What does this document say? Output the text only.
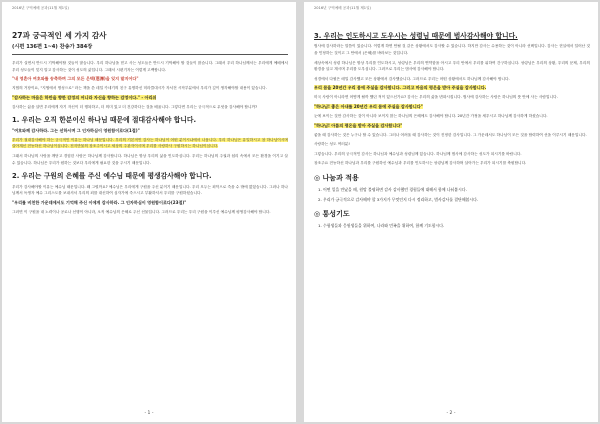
2016년 구역예배 공과(11월 제1일)
27과 궁극적인 세 가지 감사
(시편 136편 1~4) 찬송가 384장

우리가 살면서 반드시 기억해야할 것들이 많습니다. 우리 하나님을 믿고 사는 성도들은 반드시 기억해야 할 것들이 많습니다. 그래서 우리 하나님께서는 우리에게 예배에서 우리 성도들이 잊지 말고 감사하는 것이 성도의 삶입니다. 그래서 시편기자는 이렇게 고백합니다.

"내 영혼아 여호와를 송축하며 그의 모든 은택(恩澤)을 잊지 말지어다"

지엽의 거장이요, "지엽에서 명성으로" 라는 책을 쓴 데일 카네기의 친구 유명하신 미라클대시가 자서전 시작부분에서 우리가 깊이 생각해야할 내용이 있습니다.

"감사하는 마음은 하만을 향한 감정의 어니라 자신을 향하는 감정이다." - 아리쉬

감사하는 삶을 살면 우리에게 자기 자신이 더 행복하고, 더 의미 있고 더 건강하다는 것을 배웁니다. 그렇다면 우리는 궁극적으로 무엇을 감사해야 합니까?

1. 우리는 오직 한분이신 하나님 때문에 절대감사해야 합니다.

"여호와께 감사하라. 그는 선하시며 그 인자하심이 영원함이로다(1절)"

우리가 절대감사해야 하는 궁극적인 이유는 하나님 때문입니다. 우리의 기본적인 감사는 하나님이 어떤 분이시냐에서 나옵니다. 우리 하나님은 유일하시고 참 하나님이시며 살아계신 전능하신 하나님이십니다. 천지만물의 창조주이시고 세상의 주관자이시며 우리를 사랑하사 구원하시는 하나님이십니다.

그래서 하나님의 사랑을 깨닫고 경험한 사람은 하나님께 감사합니다. 하나님은 항상 우리의 삶을 인도하십니다. 우리는 하나님의 주권과 섭리 속에서 모든 환경을 이기고 살 수 있습니다. 하나님은 우리가 원하는 것보다 우리에게 필요한 것을 주시기 때문입니다.

2. 우리는 구원의 은혜를 주신 예수님 때문에 평생감사해야 합니다.

우리가 감사해야할 이유는 예수님 때문입니다. 왜 그럴까요? 예수님은 우리에게 구원을 주신 분이기 때문입니다. 우리 모두는 죄악으로 죽을 수 밖에 없었습니다. 그러나 하나님께서 독생자 예수 그리스도를 보내셔서 우리의 죄를 대신하여 십자가에 죽으시고 부활하셔서 우리를 구원하셨습니다.

"우리를 비천한 가운데에서도 기억해 주신 이에게 감사하라. 그 인자하심이 영원함이로다(23절)"

그러면 이 구원을 내 노력이나 공로나 선행이 아니라, 오직 예수님의 은혜로 주신 선물입니다. 그러므로 우리는 우리 구원을 이루신 예수님께 평생감사해야 합니다.

- 1 -
2016년 구역예배 공과(11월 제1일)
3. 우리는 인도하시고 도우시는 성령님 때문에 범사감사해야 합니다.

범사에 감사하라는 말씀이 있습니다. 이렇게 하면 안될 것 같은 상황에서도 감사할 수 있습니다. 하지만 감사는 수용하는 것이 아니라 선택입니다. 감사는 현실에서 일어난 것을 인정하는 것이고 그 안에서 (은혜)를 바라보는 것입니다.

세상속에서 성령 하나님은 항상 우리를 인도하시고, 성령님은 우리의 연약함을 아시고 우리 안에서 우리를 위하여 간구하십니다. 성령님은 우리의 상황, 우리의 문제, 우리의 환경을 알고 계시며 우리를 도우십니다. 그러므로 우리는 범사에 감사해야 합니다.

성경에서 다윗은 매일 감사했고 모든 상황에서 감사했습니다. 그러므로 우리는 어떤 상황에서도 하나님께 감사해야 합니다.

우리 몸을 20년간 우리 몸에 주실을 감사합니다. 그러고 마음의 평온을 받아 주실을 감사합니다.

미국 사람이 아니라면 어떻게 될까 했던 적이 있으신가요? 감사는 우리의 삶을 변화시킵니다. 범사에 감사하는 사람은 하나님의 뜻 안에 사는 사람입니다.

"하나님! 좋은 아내를 20년간 우리 몸에 주실을 감사합니다"

눈에 보이는 것만 감사하는 것이 아니라 보이지 않는 하나님의 은혜에도 감사해야 합니다. 20년간 가정을 세우시고 하나님께 감사하게 하셨습니다.

"하나님! 아름의 평온을 받아 주실을 감사합니다"

좋을 때 감사하는 것은 누구나 할 수 있습니다. 그러나 어려울 때 감사하는 것이 진정한 감사입니다. 그 가운데서도 하나님이 모든 것을 합력하여 선을 이루시기 때문입니다.

사랑하는 성도 여러분!

그렇습니다. 우리의 궁극적인 감사는 하나님과 예수님과 성령님께 있습니다. 하나님께 범사에 감사하는 성도가 되시기를 바랍니다.

창조주요 전능하신 하나님과 우리를 구원하신 예수님과 우리를 인도하시는 성령님께 감사하며 살아가는 우리가 되시기를 축원합니다.

◎ 나눔과 적용
1. 어떤 일을 만났을 때, 원망 불평하면 감사 감사했던 경험들에 대해서 함께 나눠봅시다.
2. 우리가 궁극적으로 감사해야 할 3가지가 무엇인지 다시 정리하고, 범사감사를 결단해봅시다.
◎ 통성기도
1. 수험생들과 응원생들을 위하여, 나라와 민족을 위하여, 함께 기도합시다.
- 2 -
